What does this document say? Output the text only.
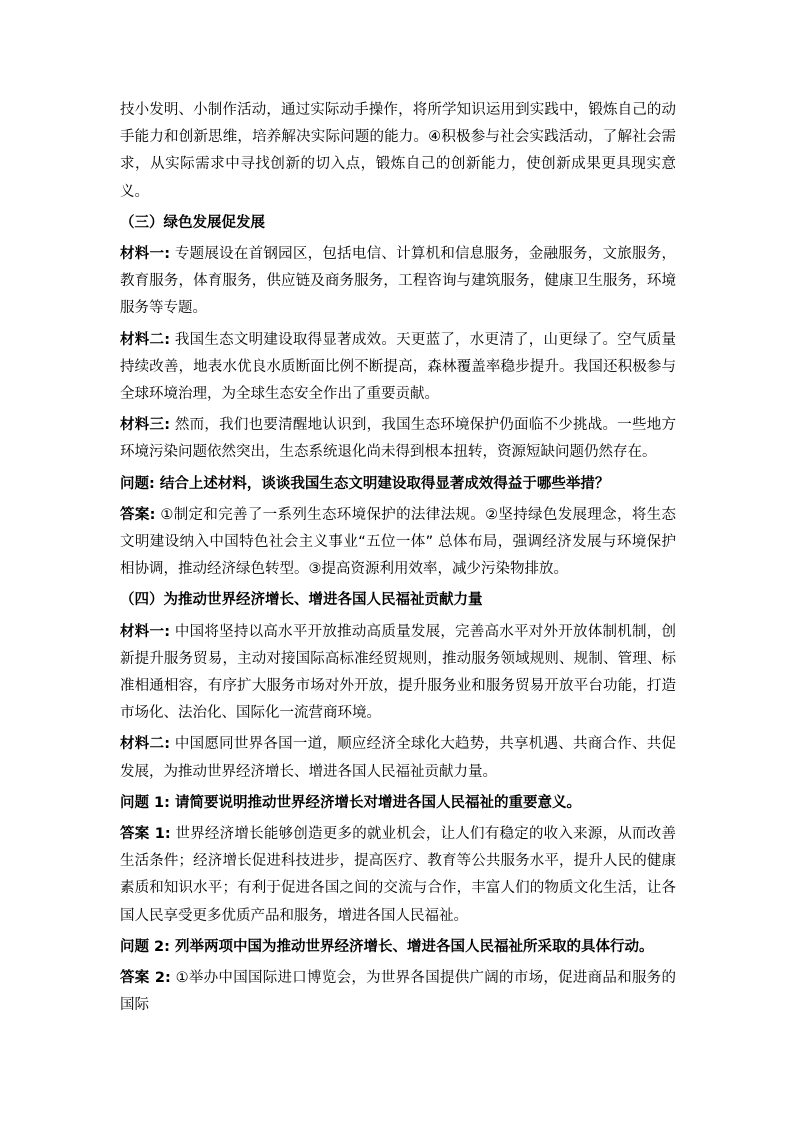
技小发明、小制作活动，通过实际动手操作，将所学知识运用到实践中，锻炼自己的动手能力和创新思维，培养解决实际问题的能力。④积极参与社会实践活动，了解社会需求，从实际需求中寻找创新的切入点，锻炼自己的创新能力，使创新成果更具现实意义。

（三）绿色发展促发展

材料一: 专题展设在首钢园区，包括电信、计算机和信息服务，金融服务，文旅服务，教育服务，体育服务，供应链及商务服务，工程咨询与建筑服务，健康卫生服务，环境服务等专题。

材料二: 我国生态文明建设取得显著成效。天更蓝了，水更清了，山更绿了。空气质量持续改善，地表水优良水质断面比例不断提高，森林覆盖率稳步提升。我国还积极参与全球环境治理，为全球生态安全作出了重要贡献。

材料三: 然而，我们也要清醒地认识到，我国生态环境保护仍面临不少挑战。一些地方环境污染问题依然突出，生态系统退化尚未得到根本扭转，资源短缺问题仍然存在。

问题: 结合上述材料，谈谈我国生态文明建设取得显著成效得益于哪些举措？

答案: ①制定和完善了一系列生态环境保护的法律法规。②坚持绿色发展理念，将生态文明建设纳入中国特色社会主义事业“五位一体” 总体布局，强调经济发展与环境保护相协调，推动经济绿色转型。③提高资源利用效率，减少污染物排放。

（四）为推动世界经济增长、增进各国人民福祉贡献力量

材料一: 中国将坚持以高水平开放推动高质量发展，完善高水平对外开放体制机制，创新提升服务贸易，主动对接国际高标准经贸规则，推动服务领域规则、规制、管理、标准相通相容，有序扩大服务市场对外开放，提升服务业和服务贸易开放平台功能，打造市场化、法治化、国际化一流营商环境。

材料二: 中国愿同世界各国一道，顺应经济全球化大趋势，共享机遇、共商合作、共促发展，为推动世界经济增长、增进各国人民福祉贡献力量。

问题 1: 请简要说明推动世界经济增长对增进各国人民福祉的重要意义。

答案 1: 世界经济增长能够创造更多的就业机会，让人们有稳定的收入来源，从而改善生活条件；经济增长促进科技进步，提高医疗、教育等公共服务水平，提升人民的健康素质和知识水平；有利于促进各国之间的交流与合作，丰富人们的物质文化生活，让各国人民享受更多优质产品和服务，增进各国人民福祉。

问题 2: 列举两项中国为推动世界经济增长、增进各国人民福祉所采取的具体行动。

答案 2: ①举办中国国际进口博览会，为世界各国提供广阔的市场，促进商品和服务的国际
